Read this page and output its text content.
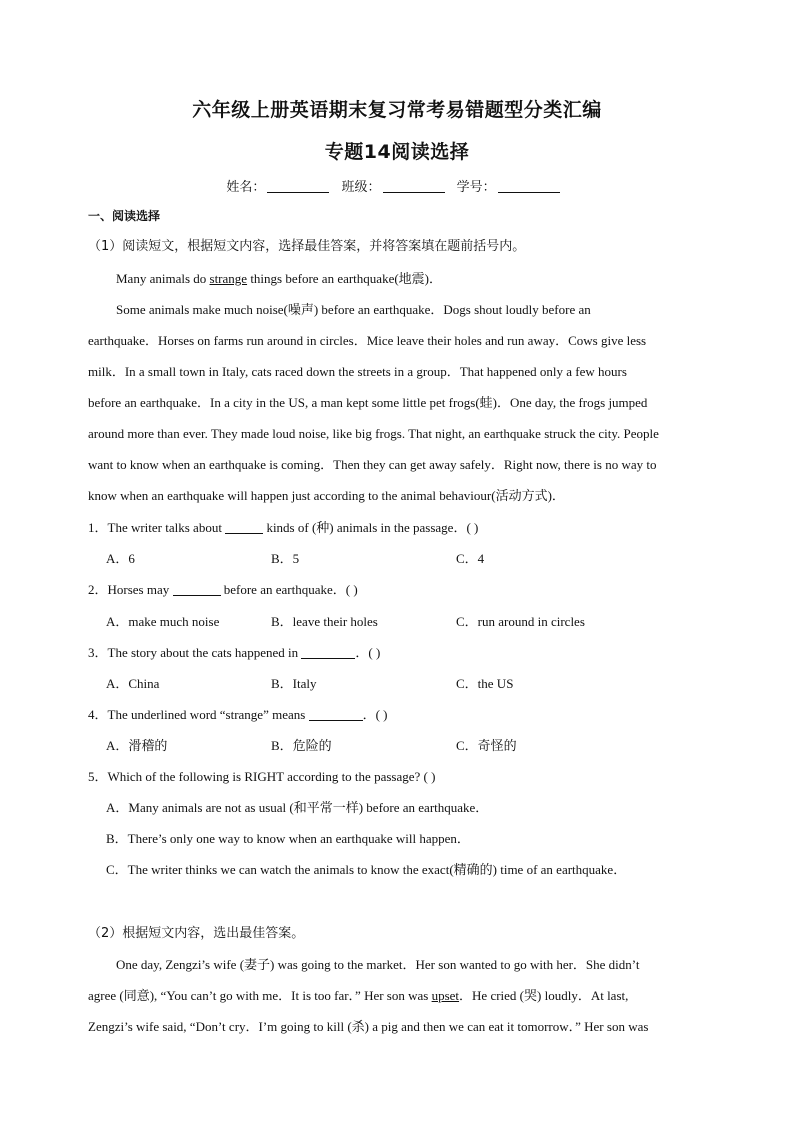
六年级上册英语期末复习常考易错题型分类汇编
专题14阅读选择
姓名：	班级：	学号：
一、阅读选择
（1）阅读短文，根据短文内容，选择最佳答案，并将答案填在题前括号内。
Many animals do strange things before an earthquake(地震)．
Some animals make much noise(噪声) before an earthquake．Dogs shout loudly before an
earthquake．Horses on farms run around in circles．Mice leave their holes and run away．Cows give less
milk．In a small town in Italy, cats raced down the streets in a group．That happened only a few hours
before an earthquake．In a city in the US, a man kept some little pet frogs(蛙)．One day, the frogs jumped
around more than ever. They made loud noise, like big frogs. That night, an earthquake struck the city. People
want to know when an earthquake is coming．Then they can get away safely．Right now, there is no way to
know when an earthquake will happen just according to the animal behaviour(活动方式)．
1．The writer talks about	kinds of (种) animals in the passage．( )
A．6	B．5	C．4
2．Horses may	before an earthquake．( )
A．make much noise	B．leave their holes	C．run around in circles
3．The story about the cats happened in	．( )
A．China	B．Italy	C．the US
4．The underlined word “strange” means	．( )
A．滑稽的	B．危险的	C．奇怪的
5．Which of the following is RIGHT according to the passage? ( )
A．Many animals are not as usual (和平常一样) before an earthquake．
B．There’s only one way to know when an earthquake will happen．
C．The writer thinks we can watch the animals to know the exact(精确的) time of an earthquake．
（2）根据短文内容，选出最佳答案。
One day, Zengzi’s wife (妻子) was going to the market．Her son wanted to go with her．She didn’t
agree (同意), “You can’t go with me．It is too far．” Her son was upset．He cried (哭) loudly．At last,
Zengzi’s wife said, “Don’t cry．I’m going to kill (杀) a pig and then we can eat it tomorrow．” Her son was
